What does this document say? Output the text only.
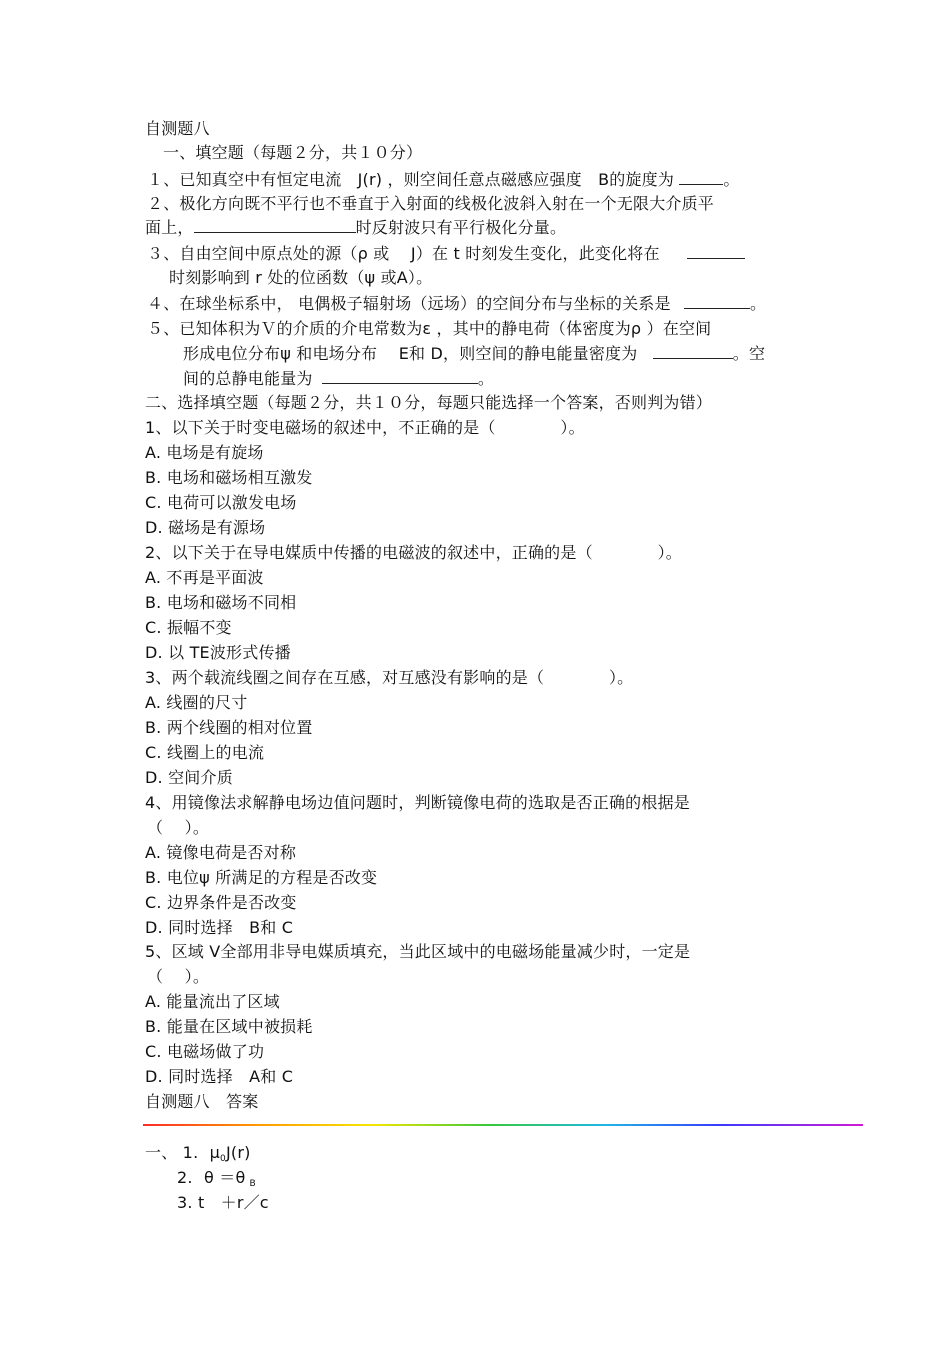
自测题八
一、填空题（每题２分，共１０分）
１、已知真空中有恒定电流　J(r) ，则空间任意点磁感应强度　B的旋度为	。
２、极化方向既不平行也不垂直于入射面的线极化波斜入射在一个无限大介质平
面上，	时反射波只有平行极化分量。
３、自由空间中原点处的源（ρ 或　 J）在 t 时刻发生变化，此变化将在
时刻影响到 r 处的位函数（ψ 或A）。
４、在球坐标系中， 电偶极子辐射场（远场）的空间分布与坐标的关系是	。
５、已知体积为Ｖ的介质的介电常数为ε ，其中的静电荷（体密度为ρ ）在空间
形成电位分布ψ 和电场分布　 E和 D，则空间的静电能量密度为	。空
间的总静电能量为	。
二、选择填空题（每题２分，共１０分，每题只能选择一个答案，否则判为错）
1、以下关于时变电磁场的叙述中，不正确的是（　　　　）。
A. 电场是有旋场
B. 电场和磁场相互激发
C. 电荷可以激发电场
D. 磁场是有源场
2、以下关于在导电媒质中传播的电磁波的叙述中，正确的是（　　　　）。
A. 不再是平面波
B. 电场和磁场不同相
C. 振幅不变
D. 以 TE波形式传播
3、两个载流线圈之间存在互感，对互感没有影响的是（　　　　）。
A. 线圈的尺寸
B. 两个线圈的相对位置
C. 线圈上的电流
D. 空间介质
4、用镜像法求解静电场边值问题时，判断镜像电荷的选取是否正确的根据是
（　 ）。
A. 镜像电荷是否对称
B. 电位ψ 所满足的方程是否改变
C. 边界条件是否改变
D. 同时选择　B和 C
5、区域 V全部用非导电媒质填充，当此区域中的电磁场能量减少时，一定是
（　 ）。
A. 能量流出了区域
B. 能量在区域中被损耗
C. 电磁场做了功
D. 同时选择　A和 C
自测题八　答案
一、 1. $\mu_0J(r)$
2. θ ＝θ $_B$
3. t　＋r／c
